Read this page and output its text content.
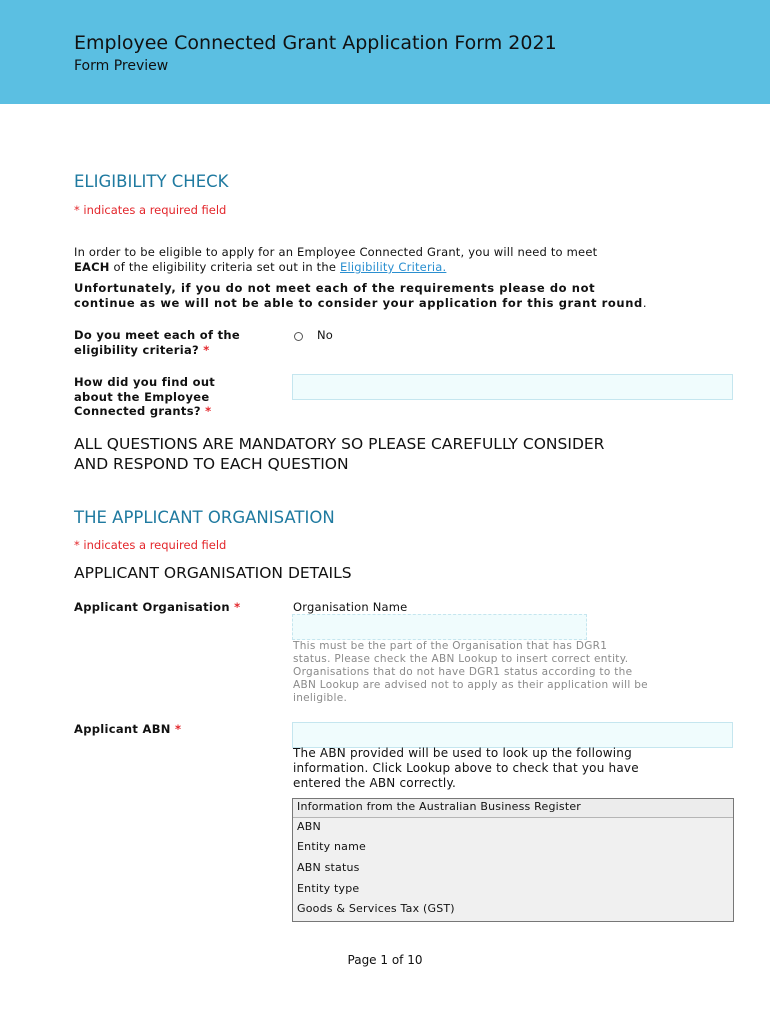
Employee Connected Grant Application Form 2021
Form Preview
ELIGIBILITY CHECK
* indicates a required field
In order to be eligible to apply for an Employee Connected Grant, you will need to meet
EACH of the eligibility criteria set out in the Eligibility Criteria.
Unfortunately, if you do not meet each of the requirements please do not
continue as we will not be able to consider your application for this grant round.
Do you meet each of the
eligibility criteria? *
No
How did you find out
about the Employee
Connected grants? *
ALL QUESTIONS ARE MANDATORY SO PLEASE CAREFULLY CONSIDER
AND RESPOND TO EACH QUESTION
THE APPLICANT ORGANISATION
* indicates a required field
APPLICANT ORGANISATION DETAILS
Applicant Organisation *	Organisation Name
This must be the part of the Organisation that has DGR1
status. Please check the ABN Lookup to insert correct entity.
Organisations that do not have DGR1 status according to the
ABN Lookup are advised not to apply as their application will be
ineligible.
Applicant ABN *
The ABN provided will be used to look up the following
information. Click Lookup above to check that you have
entered the ABN correctly.
Information from the Australian Business Register
ABN
Entity name
ABN status
Entity type
Goods & Services Tax (GST)
Page 1 of 10
